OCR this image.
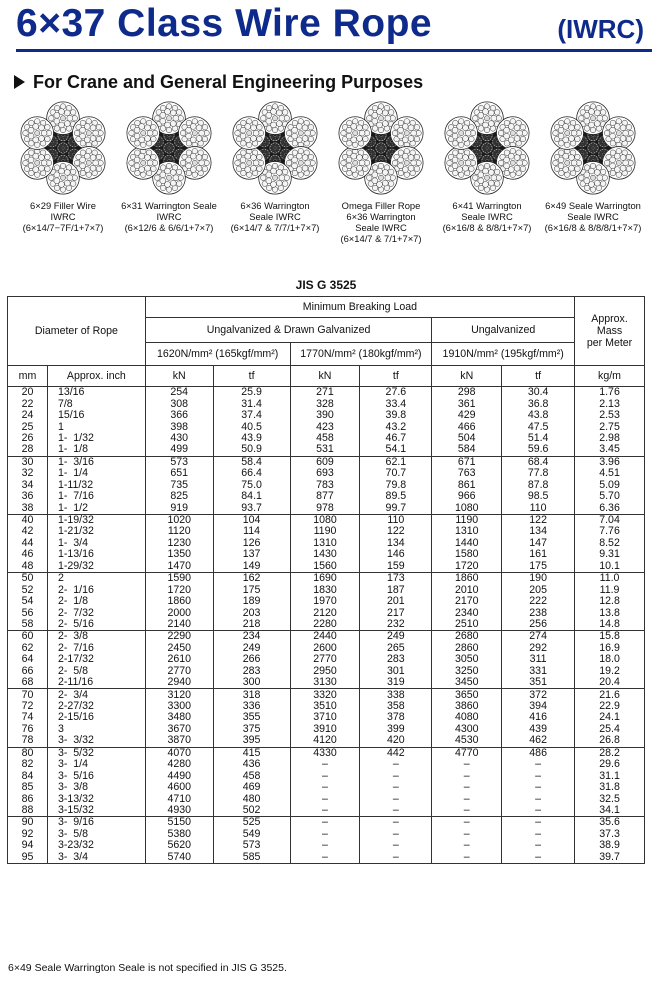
6×37 Class Wire Rope	(IWRC)
For Crane and General Engineering Purposes
6×29 Filler Wire
IWRC
(6×14/7−7F/1+7×7)
6×31 Warrington Seale
IWRC
(6×12/6 & 6/6/1+7×7)
6×36 Warrington
Seale IWRC
(6×14/7 & 7/7/1+7×7)
Omega Filler Rope
6×36 Warrington
Seale IWRC
(6×14/7 & 7/1+7×7)
6×41 Warrington
Seale IWRC
(6×16/8 & 8/8/1+7×7)
6×49 Seale Warrington
Seale IWRC
(6×16/8 & 8/8/8/1+7×7)
JIS G 3525
Diameter of Rope		Minimum Breaking Load						Approx.
Mass
per Meter

		Ungalvanized & Drawn Galvanized				Ungalvanized		
		1620N/mm² (165kgf/mm²)		1770N/mm² (180kgf/mm²)		1910N/mm² (195kgf/mm²)		
mm	Approx. inch	kN	tf	kN	tf	kN	tf	kg/m
20	13/16	254	25.9	271	27.6	298	30.4	1.76
22	7/8	308	31.4	328	33.4	361	36.8	2.13
24	15/16	366	37.4	390	39.8	429	43.8	2.53
25	1	398	40.5	423	43.2	466	47.5	2.75
26	1-  1/32	430	43.9	458	46.7	504	51.4	2.98
28	1-  1/8	499	50.9	531	54.1	584	59.6	3.45
30	1-  3/16	573	58.4	609	62.1	671	68.4	3.96
32	1-  1/4	651	66.4	693	70.7	763	77.8	4.51
34	1-11/32	735	75.0	783	79.8	861	87.8	5.09
36	1-  7/16	825	84.1	877	89.5	966	98.5	5.70
38	1-  1/2	919	93.7	978	99.7	1080	110	6.36
40	1-19/32	1020	104	1080	110	1190	122	7.04
42	1-21/32	1120	114	1190	122	1310	134	7.76
44	1-  3/4	1230	126	1310	134	1440	147	8.52
46	1-13/16	1350	137	1430	146	1580	161	9.31
48	1-29/32	1470	149	1560	159	1720	175	10.1
50	2	1590	162	1690	173	1860	190	11.0
52	2-  1/16	1720	175	1830	187	2010	205	11.9
54	2-  1/8	1860	189	1970	201	2170	222	12.8
56	2-  7/32	2000	203	2120	217	2340	238	13.8
58	2-  5/16	2140	218	2280	232	2510	256	14.8
60	2-  3/8	2290	234	2440	249	2680	274	15.8
62	2-  7/16	2450	249	2600	265	2860	292	16.9
64	2-17/32	2610	266	2770	283	3050	311	18.0
66	2-  5/8	2770	283	2950	301	3250	331	19.2
68	2-11/16	2940	300	3130	319	3450	351	20.4
70	2-  3/4	3120	318	3320	338	3650	372	21.6
72	2-27/32	3300	336	3510	358	3860	394	22.9
74	2-15/16	3480	355	3710	378	4080	416	24.1
76	3	3670	375	3910	399	4300	439	25.4
78	3-  3/32	3870	395	4120	420	4530	462	26.8
80	3-  5/32	4070	415	4330	442	4770	486	28.2
82	3-  1/4	4280	436	–	–	–	–	29.6
84	3-  5/16	4490	458	–	–	–	–	31.1
85	3-  3/8	4600	469	–	–	–	–	31.8
86	3-13/32	4710	480	–	–	–	–	32.5
88	3-15/32	4930	502	–	–	–	–	34.1
90	3-  9/16	5150	525	–	–	–	–	35.6
92	3-  5/8	5380	549	–	–	–	–	37.3
94	3-23/32	5620	573	–	–	–	–	38.9
95	3-  3/4	5740	585	–	–	–	–	39.7
6×49 Seale Warrington Seale is not specified in JIS G 3525.
